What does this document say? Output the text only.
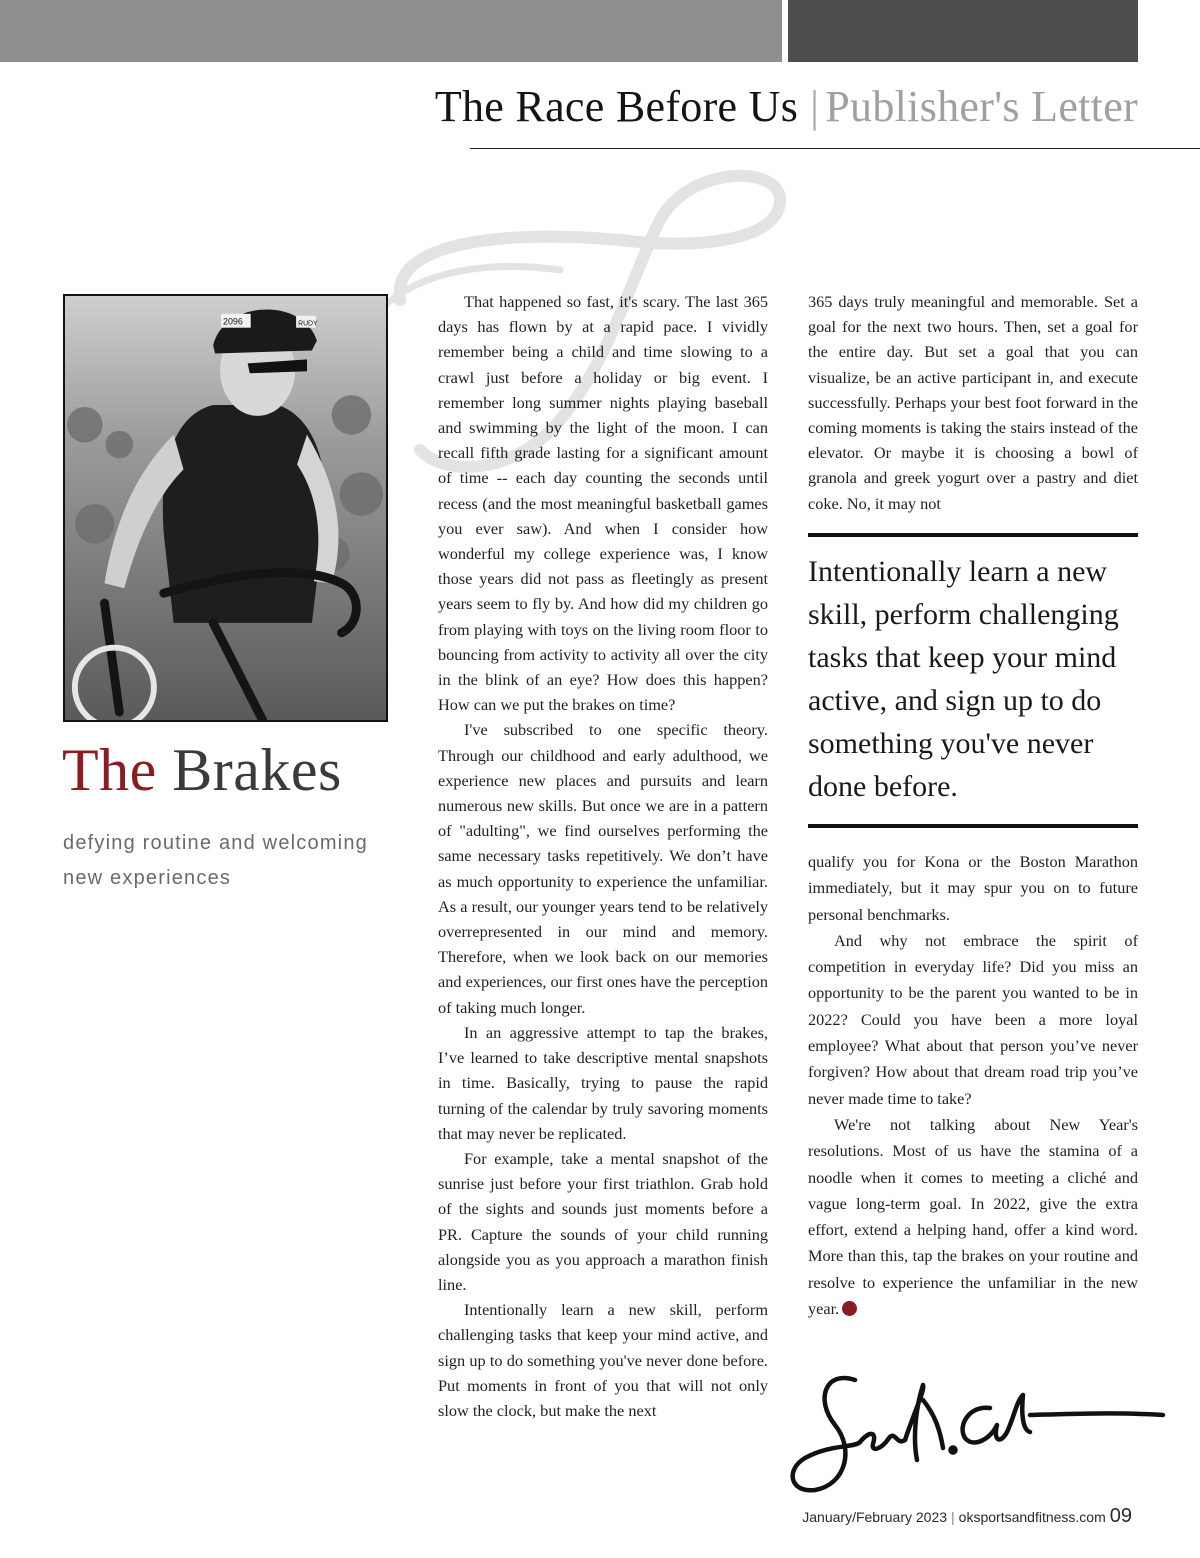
The Race Before Us | Publisher's Letter
2096	RUDY
The Brakes
defying routine and welcoming new experiences

That happened so fast, it's scary. The last 365 days has flown by at a rapid pace. I vividly remember being a child and time slowing to a crawl just before a holiday or big event. I remember long summer nights playing baseball and swimming by the light of the moon. I can recall fifth grade lasting for a significant amount of time -- each day counting the seconds until recess (and the most meaningful basketball games you ever saw). And when I consider how wonderful my college experience was, I know those years did not pass as fleetingly as present years seem to fly by. And how did my children go from playing with toys on the living room floor to bouncing from activity to activity all over the city in the blink of an eye? How does this happen? How can we put the brakes on time?

I've subscribed to one specific theory. Through our childhood and early adulthood, we experience new places and pursuits and learn numerous new skills. But once we are in a pattern of "adulting", we find ourselves performing the same necessary tasks repetitively. We don’t have as much opportunity to experience the unfamiliar. As a result, our younger years tend to be relatively overrepresented in our mind and memory. Therefore, when we look back on our memories and experiences, our first ones have the perception of taking much longer.

In an aggressive attempt to tap the brakes, I’ve learned to take descriptive mental snapshots in time. Basically, trying to pause the rapid turning of the calendar by truly savoring moments that may never be replicated.

For example, take a mental snapshot of the sunrise just before your first triathlon. Grab hold of the sights and sounds just moments before a PR. Capture the sounds of your child running alongside you as you approach a marathon finish line.

Intentionally learn a new skill, perform challenging tasks that keep your mind active, and sign up to do something you've never done before. Put moments in front of you that will not only slow the clock, but make the next

365 days truly meaningful and memorable. Set a goal for the next two hours. Then, set a goal for the entire day. But set a goal that you can visualize, be an active participant in, and execute successfully. Perhaps your best foot forward in the coming moments is taking the stairs instead of the elevator. Or maybe it is choosing a bowl of granola and greek yogurt over a pastry and diet coke. No, it may not

Intentionally learn a new skill, perform challenging tasks that keep your mind active, and sign up to do something you've never done before.

qualify you for Kona or the Boston Marathon immediately, but it may spur you on to future personal benchmarks.

And why not embrace the spirit of competition in everyday life? Did you miss an opportunity to be the parent you wanted to be in 2022? Could you have been a more loyal employee? What about that person you’ve never forgiven? How about that dream road trip you’ve never made time to take?

We're not talking about New Year's resolutions. Most of us have the stamina of a noodle when it comes to meeting a cliché and vague long-term goal. In 2022, give the extra effort, extend a helping hand, offer a kind word. More than this, tap the brakes on your routine and resolve to experience the unfamiliar in the new year.

January/February 2023 | oksportsandfitness.com 09
